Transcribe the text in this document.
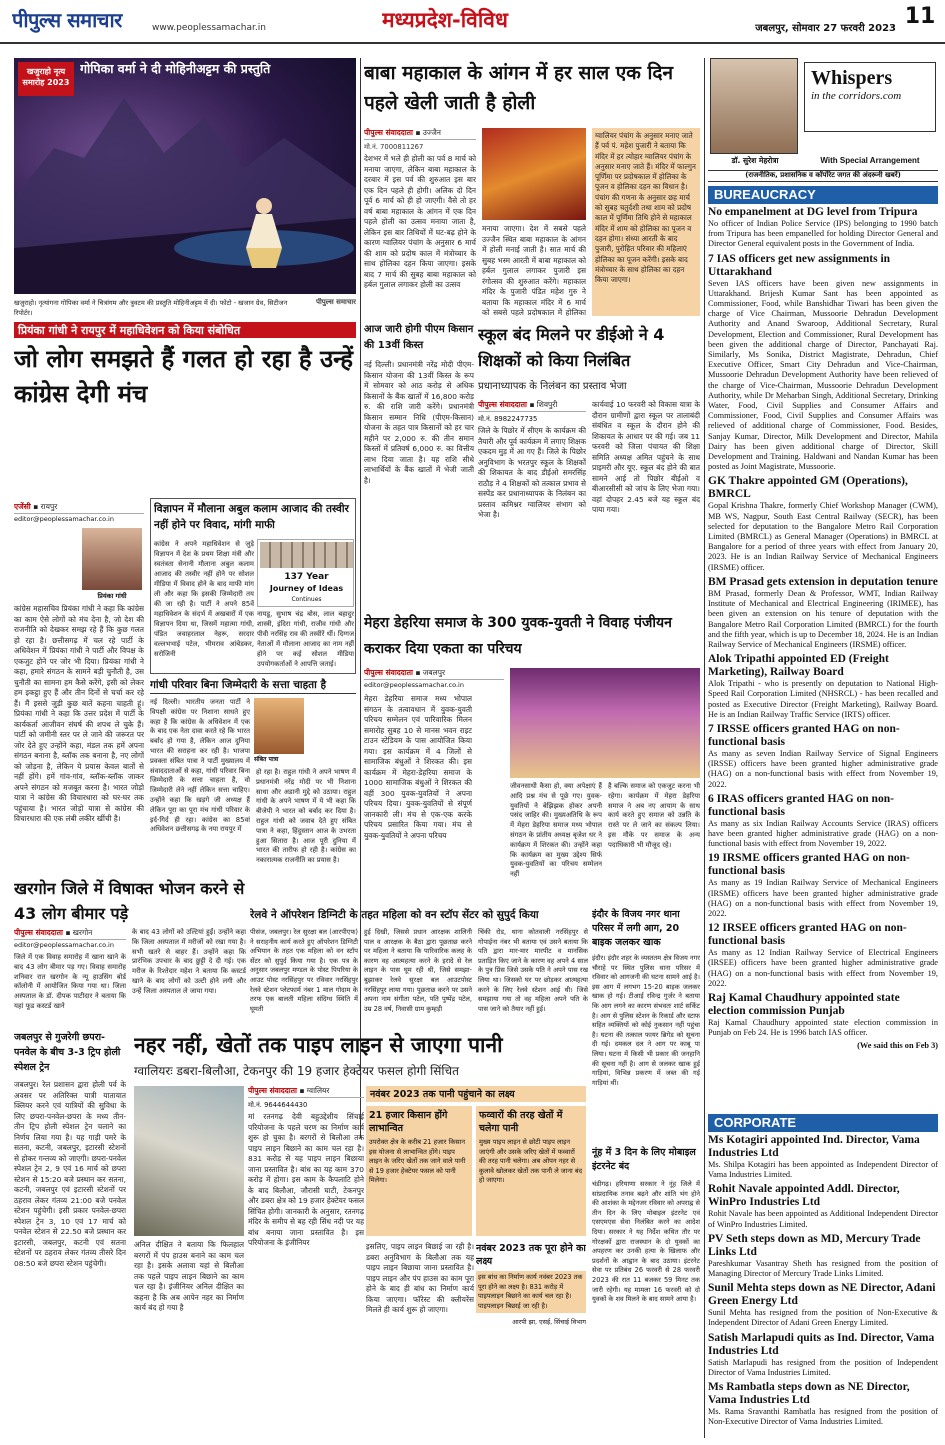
पीपुल्स समाचार	www.peoplessamachar.in	मध्यप्रदेश-विविध	जबलपुर, सोमवार 27 फरवरी 2023 11
खजुराहो नृत्य समारोह 2023
गोपिका वर्मा ने दी मोहिनीअट्टम की प्रस्तुति
खजुराहो। नृत्यांगना गोपिका वर्मा ने चित्रांगम और त्रुवटम की प्रस्तुति मोहिनीअट्टम में दी। फोटो - खजान ग्रेव, सिटीजन रिपोर्टर।
पीपुल्स समाचार
बाबा महाकाल के आंगन में हर साल एक दिन पहले खेली जाती है होली
पीपुल्स संवाददाता ▪ उज्जैन
मो.नं. 7000811267
देशभर में भले ही होली का पर्व 8 मार्च को मनाया जाएगा, लेकिन बाबा महाकाल के दरबार में इस पर्व की शुरुआत इस बार एक दिन पहले ही होगी। अलिक दो दिन पूर्व 6 मार्च को ही हो जाएगी। वैसे तो हर वर्ष बाबा महाकाल के आंगन में एक दिन पहले होली का उत्सव मनाया जाता है, लेकिन इस बार तिथियों में घट-बढ़ होने के कारण ग्वालियर पंचांग के अनुसार 6 मार्च की शाम को प्रदोष काल में मंत्रोच्चार के साथ होलिका दहन किया जाएगा। इसके बाद 7 मार्च की सुबह बाबा महाकाल को हर्बल गुलाल लगाकर होली का उत्सव
मनाया जाएगा। देश में सबसे पहले उज्जैन स्थित बाबा महाकाल के आंगन में होली मनाई जाती है। सात मार्च की सुबह भस्म आरती में बाबा महाकाल को हर्बल गुलाल लगाकर पुजारी इस रंगोत्सव की शुरुआत करेंगे। महाकाल मंदिर के पुजारी पंडित महेश गुरु ने बताया कि महाकाल मंदिर में 6 मार्च को सबसे पहले प्रदोषकाल में होलिका
ग्वालियर पंचांग के अनुसार मनाए जाते हैं पर्व पं. महेश पुजारी ने बताया कि मंदिर में हर त्योहार ग्वालियर पंचांग के अनुसार मनाए जाते हैं। मंदिर में फाल्गुन पूर्णिमा पर प्रदोषकाल में होलिका के पूजन व होलिका दहन का विधान है। पंचांग की गणना के अनुसार छह मार्च को सुबह चतुर्दशी तथा शाम को प्रदोष काल में पूर्णिमा तिथि होने से महाकाल मंदिर में शाम को होलिका का पूजन व दहन होगा। संध्या आरती के बाद पुजारी, पुरोहित परिवार की महिलाएं होलिका का पूजन करेंगी। इसके बाद मंत्रोच्चार के साथ होलिका का दहन किया जाएगा।
प्रियंका गांधी ने रायपुर में महाधिवेशन को किया संबोधित
जो लोग समझते हैं गलत हो रहा है उन्हें कांग्रेस देगी मंच
एजेंसी ▪ रायपुर
editor@peoplessamachar.co.in
प्रियंका गांधी
कांग्रेस महासचिव प्रियंका गांधी ने कहा कि कांग्रेस का काम ऐसे लोगों को मंच देना है, जो देश की राजनीति को देखकर समझ रहे हैं कि कुछ गलत हो रहा है। छत्तीसगढ़ में चल रहे पार्टी के अधिवेशन में प्रियंका गांधी ने पार्टी और विपक्ष के एकजुट होने पर जोर भी दिया। प्रियंका गांधी ने कहा, हमारे संगठन के सामने बड़ी चुनौती है, उस चुनौती का सामना हम कैसे करेंगे, इसी को लेकर हम इकट्ठा हुए हैं और तीन दिनों से चर्चा कर रहे हैं। मैं इससे जुड़ी कुछ बातें कहना चाहती हूं। प्रियंका गांधी ने कहा कि उत्तर प्रदेश में पार्टी के कार्यकर्ता आजीवन संघर्ष की शपथ ले चुके हैं। पार्टी को जमीनी स्तर पर ले जाने की जरूरत पर जोर देते हुए उन्होंने कहा, मंडल तक हमें अपना संगठन बनाना है, ब्लॉक तक बनाना है, नए लोगों को जोड़ना है, लेकिन ये प्रयास केवल बातों से नहीं होंगे। हमें गांव-गांव, ब्लॉक-ब्लॉक जाकर अपने संगठन को मजबूत करना है। भारत जोड़ो यात्रा ने कांग्रेस की विचारधारा को घर-घर तक पहुंचाया है। भारत जोड़ो यात्रा से कांग्रेस की विचारधारा की एक लंबी लकीर खींची है।
विज्ञापन में मौलाना अबुल कलाम आजाद की तस्वीर नहीं होने पर विवाद, मांगी माफी
कांग्रेस ने अपने महाधिवेशन से जुड़े विज्ञापन में देश के प्रथम शिक्षा मंत्री और स्वतंत्रता सेनानी मौलाना अबुल कलाम आजाद की तस्वीर नहीं होने पर सोशल मीडिया में विवाद होने के बाद माफी मांग ली और कहा कि इसकी जिम्मेदारी तय की जा रही है। पार्टी ने अपने 85वें महाधिवेशन के संदर्भ में अखबारों में एक विज्ञापन दिया था, जिसमें महात्मा गांधी, पंडित जवाहरलाल नेहरू, सरदार वल्लभभाई पटेल, भीमराव आंबेडकर, सरोजिनी
137 Year
Journey of Ideas
Continues
नायडू, सुभाष चंद्र बोस, लाल बहादुर शास्त्री, इंदिरा गांधी, राजीव गांधी और पीवी नरसिंह राव की तस्वीरें थीं। दिग्गज नेताओं में मौलाना आजाद का नाम नहीं होने पर कई सोशल मीडिया उपयोगकर्ताओं ने आपत्ति जताई।
गांधी परिवार बिना जिम्मेदारी के सत्ता चाहता है
नई दिल्ली। भारतीय जनता पार्टी ने विपक्षी कांग्रेस पर निशाना साधते हुए कहा है कि कांग्रेस के अधिवेशन में एक के बाद एक नेता दावा करते रहे कि भारत बर्बाद हो गया है, लेकिन आज दुनिया भारत की सराहना कर रही है। भाजपा प्रवक्ता संबित पात्रा ने पार्टी मुख्यालय में संवाददाताओं से कहा, गांधी परिवार बिना जिम्मेदारी के सत्ता चाहता है, वो जिम्मेदारी लेने नहीं लेकिन सत्ता चाहिए। उन्होंने कहा कि खड़गे जी अध्यक्ष हैं लेकिन पूरा का पूरा मंच गांधी परिवार के इर्द-गिर्द ही रहा। कांग्रेस का 85वां अधिवेशन छत्तीसगढ़ के नया रायपुर में
संबित पात्रा
हो रहा है। राहुल गांधी ने अपने भाषण में प्रधानमंत्री नरेंद्र मोदी पर भी निशाना साधा और अडानी मुद्दे को उठाया। राहुल गांधी के अपने भाषण में ये भी कहा कि बीजेपी ने भारत को बर्बाद कर दिया है। राहुल गांधी को जवाब देते हुए संबित पात्रा ने कहा, हिंदुस्तान आज के उभरता हुआ सितारा है। आज पूरी दुनिया में भारत की तारीफ हो रही है। कांग्रेस का नकारात्मक राजनीति का प्रयास है।
आज जारी होगी पीएम किसान की 13वीं किस्त
नई दिल्ली। प्रधानमंत्री नरेंद्र मोदी पीएम-किसान योजना की 13वीं किस्त के रूप में सोमवार को आठ करोड़ से अधिक किसानों के बैंक खातों में 16,800 करोड़ रु. की राशि जारी करेंगे। प्रधानमंत्री किसान सम्मान निधि (पीएम-किसान) योजना के तहत पात्र किसानों को हर चार महीने पर 2,000 रु. की तीन समान किस्तों में प्रतिवर्ष 6,000 रु. का वित्तीय लाभ दिया जाता है। यह राशि सीधे लाभार्थियों के बैंक खातों में भेजी जाती है।
स्कूल बंद मिलने पर डीईओ ने 4 शिक्षकों को किया निलंबित
प्रधानाध्यापक के निलंबन का प्रस्ताव भेजा
पीपुल्स संवाददाता ▪ शिवपुरी
मो.नं. 8982247735
जिले के पिछोर में सीएम के कार्यक्रम की तैयारी और पूर्व कार्यक्रम में लगाए शिक्षक एकदम मुड़ में आ गए हैं। जिले के पिछोर अनुविभाग के भरतपुर स्कूल के शिक्षकों की शिकायत के बाद डीईओ समरसिंह राठौड़ ने 4 शिक्षकों को तत्काल प्रभाव से सस्पेंड कर प्रधानाध्यापक के निलंबन का प्रस्ताव कमिश्नर ग्वालियर संभाग को भेजा है।
कार्यवाई 10 फरवरी को विकास यात्रा के दौरान ग्रामीणों द्वारा स्कूल पर तालाबंदी संबंधित व स्कूल के दौरान होने की शिकायत के आधार पर की गई। जब 11 फरवरी को जिला पंचायत की शिक्षा समिति अध्यक्ष अमित पहुंचने के साथ प्राइमरी और यूए. स्कूल बंद होने की बात सामने आई तो पिछोर बीईओ व बीआरसीसी को जांच के लिए भेजा गया। वहां दोपहर 2.45 बजे यह स्कूल बंद पाया गया।
मेहरा डेहरिया समाज के 300 युवक-युवती ने विवाह पंजीयन कराकर दिया एकता का परिचय
पीपुल्स संवाददाता ▪ जबलपुर
editor@peoplessamachar.co.in
मेहरा डेहरिया समाज मध्य भोपाल संगठन के तत्वावधान में युवक-युवती परिचय सम्मेलन एवं पारिवारिक मिलन समारोह सुबह 10 से मानस भवन राइट टाउन स्टेडियम के पास आयोजित किया गया। इस कार्यक्रम में 4 जिलों से सामाजिक बंधुओं ने शिरकत की। इस कार्यक्रम में मेहरा-डेहरिया समाज के 1000 सामाजिक बंधुओं ने शिरकत की वहीं 300 युवक-युवतियों ने अपना परिचय दिया। युवक-युवतियों से संपूर्ण जानकारी ली। मंच से एक-एक करके परिचय प्रसारित किया गया। मंच से युवक-युवतियों ने अपना परिचय
जीवनसाथी कैसा हो, क्या अपेक्षाएं हैं आदि प्रश्न मंच से पूछे गए। युवक-युवतियों ने बेझिझक होकर अपनी पसंद जाहिर की। मुख्यअतिथि के रूप में मेहरा डेहरिया समाज मध्य भोपाल संगठन के प्रांतीय अध्यक्ष बृजेश धर ने कार्यक्रम में शिरकत की। उन्होंने कहा कि कार्यक्रम का मुख्य उद्देश्य सिर्फ युवक-युवतियों का परिचय सम्मेलन नहीं
है बल्कि समाज को एकजुट करना भी रहेगा। कार्यक्रम में मेहरा डेहरिया समाज ने अब नए आयाम के साथ कार्य करते हुए समाज को उन्नति के रास्ते पर ले जाने का संकल्प लिया। इस मौके पर समाज के अन्य पदाधिकारी भी मौजूद रहे।
खरगोन जिले में विषाक्त भोजन करने से 43 लोग बीमार पड़े
पीपुल्स संवाददाता ▪ खरगोन
editor@peoplessamachar.co.in
जिले में एक विवाह समारोह में खाना खाने के बाद 43 लोग बीमार पड़ गए। विवाह समारोह शनिवार रात खरगोन के न्यू हाउसिंग बोर्ड कॉलोनी में आयोजित किया गया था। जिला अस्पताल के डॉ. दीपक पाटीदार ने बताया कि यहां फूड कस्टर्ड खाने
के बाद 43 लोगों को उल्टियां हुईं। उन्होंने कहा कि जिला अस्पताल में मरीजों को रखा गया है। सभी खतरे से बाहर हैं। उन्होंने कहा कि प्रारंभिक उपचार के बाद छुट्टी दे दी गई। एक मरीज के रिश्तेदार महेश ने बताया कि कस्टर्ड खाने के बाद लोगों को उल्टी होने लगी और उन्हें जिला अस्पताल ले जाया गया।
रेलवे ने ऑपरेशन डिग्निटी के तहत महिला को वन स्टॉप सेंटर को सुपुर्द किया
पीसंज, जबलपुर। रेल सुरक्षा बल (आरपीएफ) ने सराहनीय कार्य करते हुए ऑपरेशन डिग्निटी अभियान के तहत एक महिला को वन स्टॉप सेंटर को सुपुर्द किया गया है। एक पत्र के अनुसार जबलपुर मण्डल के पोस्ट पिपरिया के आउट पोस्ट नरसिंहपुर पर रविवार नरसिंहपुर रेलवे स्टेशन प्लेटफार्म नंबर 1 माल गोदाम के तरफ एक बालती महिला संदिग्ध स्थिति में घूमती
हुई दिखी, जिससे प्रधान आरक्षक शालिनी पाल व आरक्षक के बैठा द्वारा पूछताछ करने पर महिला ने बताया कि पारिवारिक कलह के कारण वह आत्महत्या करने के इरादे से रेल लाइन के पास घूम रही थी, जिसे समझा-बुझाकर रेलवे सुरक्षा बल आउटपोस्ट नरसिंहपुर लाया गया। पूछताछ करने पर उसने अपना नाम संगीता पटेल, पति पुष्पेंद्र पटेल, उम्र 28 वर्ष, निवासी ग्राम कुम्हड़ी
चिंकी रोड, थाना कोतवाली नरसिंहपुर से गोपाईना नंबर भी बताया एवं उसने बताया कि पति द्वारा मार-मार मारपीट व मानसिक प्रताड़ित किए जाने के कारण वह अपने 4 साल के पुत्र प्रिंस जिसे उसके पति ने अपने पास रख लिया था। जिसको घर पर छोड़कर आत्महत्या करने के लिए रेलवे स्टेशन आई थी। जिसे समझाया गया तो वह महिला अपने पति के पास जाने को तैयार नहीं हुई।
इंदौर के विजय नगर थाना परिसर में लगी आग, 20 बाइक जलकर खाक
इंदौर। इंदौर शहर के व्यस्ततम क्षेत्र विजय नगर चौराहे पर स्थित पुलिस थाना परिसर में रविवार को आगजनी की घटना सामने आई है। इस आग में लगभग 15-20 बाइक जलकर खाक हो गई। टीआई रविन्द्र गुर्जर ने बताया कि आग लगने का कारण संभवतः शार्ट सर्किट है। आग से पुलिस स्टेशन के रिकार्ड और स्टाफ सहित व्यक्तियों को कोई नुकसान नहीं पहुंचा है। घटना की तत्काल फायर ब्रिगेड को सूचना दी गई। दमकल दल ने आग पर काबू पा लिया। घटना में किसी भी प्रकार की जनहानि की सूचना नहीं है। आग से जलकर खाक हुई गाड़ियां, विभिन्न प्रकरण में जब्त की गई गाड़ियां थीं।
जबलपुर से गुजरेगी छपरा-पनवेल के बीच 3-3 ट्रिप होली स्पेशल ट्रेन
जबलपुर। रेल प्रशासन द्वारा होली पर्व के अवसर पर अतिरिक्त यात्री यातायात क्लियर करने एवं यात्रियों की सुविधा के लिए छपरा-पनवेल-छपरा के मध्य तीन-तीन ट्रिप होली स्पेशल ट्रेन चलाने का निर्णय लिया गया है। यह गाड़ी पमरे के सतना, कटनी, जबलपुर, इटारसी स्टेशनों से होकर गन्तव्य को जाएगी। छपरा-पनवेल स्पेशल ट्रेन 2, 9 एवं 16 मार्च को छपरा स्टेशन से 15:20 बजे प्रस्थान कर सतना, कटनी, जबलपुर एवं इटारसी स्टेशनों पर ठहराव लेकर गंतव्य 21:00 बजे पनवेल स्टेशन पहुंचेगी। इसी प्रकार पनवेल-छपरा स्पेशल ट्रेन 3, 10 एवं 17 मार्च को पनवेल स्टेशन से 22.50 बजे प्रस्थान कर इटारसी, जबलपुर, कटनी एवं सतना स्टेशनों पर ठहराव लेकर गंतव्य तीसरे दिन 08:50 बजे छपरा स्टेशन पहुंचेगी।
नहर नहीं, खेतों तक पाइप लाइन से जाएगा पानी
ग्वालियरः डबरा-बिलौआ, टेकनपुर की 19 हजार हेक्टेयर फसल होगी सिंचित
नवंबर 2023 तक पानी पहुंचाने का लक्ष्य
पीपुल्स संवाददाता ▪ ग्वालियर
मो.नं. 9644644430
मां रतनगढ़ देवी बहुउद्देशीय सिंचाई परियोजना के पहले चरण का निर्माण कार्य शुरू हो चुका है। बरगरों से बिलौआ तक पाइप लाइन बिछाने का काम चल रहा है। 831 करोड़ से यह पाइप लाइन बिछाया जाना प्रस्तावित है। बांध का यह काम 370 करोड़ में होगा। इस काम के कैपलाटि होने के बाद बिलौआ, जौरासी घाटी, टेकनपुर और डबरा क्षेत्र को 19 हजार हेक्टेयर फसल सिंचित होगी। जानकारी के अनुसार, रतनगढ़ मंदिर के समीप से बह रही सिंध नदी पर यह बांध बनाया जाना प्रस्तावित है। इस परियोजना के इंजीनियर
अनिल दीक्षित ने बताया कि फिलहाल बरगरों में पंप हाउस बनाने का काम चल रहा है। इसके अलावा यहां से बिलौआ तक पहले पाइप लाइन बिछाने का काम चल रहा है। इंजीनियर अनिल दीक्षित का कहना है कि अब आपेन नहर का निर्माण कार्य बंद हो गया है
21 हजार किसान होंगे लाभान्वित
उपरोक्त क्षेत्र के करीब 21 हजार किसान इस योजना से लाभान्वित होंगे। पाइप लाइन के जरिए खेतों तक जाने वाले पानी से 19 हजार हेक्टेयर फसल को पानी मिलेगा।
फव्वारों की तरह खेतों में चलेगा पानी
मुख्य पाइप लाइन से छोटी पाइप लाइन जाएंगी और उसके जरिए खेतों में फव्वारों की तरह पानी चलेगा। अब ओपन नहर से कुलावे खोलकर खेतों तक पानी ले जाना बंद हो जाएगा।
इसलिए, पाइप लाइन बिछाई जा रही है। डबरा अनुविभाग के बिलौआ तक यह पाइप लाइन बिछाया जाना प्रस्तावित है। पाइप लाइन और पंप हाउस का काम पूरा होने के बाद ही बांध का निर्माण कार्य किया जाएगा। फॉरेस्ट की क्लीयरेंस मिलते ही कार्य शुरू हो जाएगा।
नवंबर 2023 तक पूरा होने का लक्ष्य
इस बांध का निर्माण कार्य नवंबर 2023 तक पूरा होने का लक्ष्य है। 831 करोड़ में पाइपलाइन बिछाने का कार्य चल रहा है। पाइपलाइन बिछाई जा रही है।
आरपी झा, एसई, सिंचाई विभाग
नूंह में 3 दिन के लिए मोबाइल इंटरनेट बंद
चंडीगढ़। हरियाणा सरकार ने नूंह जिले में सांप्रदायिक तनाव बढ़ने और शांति भंग होने की आशंका के मद्देनजर रविवार को अपराह्न से तीन दिन के लिए मोबाइल इंटरनेट एवं एसएमएस सेवा निलंबित करने का आदेश दिया। सरकार ने यह निर्देश कथित तौर पर गोरक्षकों द्वारा राजस्थान के दो युवकों का अपहरण कर उनकी हत्या के खिलाफ और प्रदर्शनों के आह्वान के बाद उठाया। इंटरनेट सेवा पर प्रतिबंध 26 फरवरी से 28 फरवरी 2023 की रात 11 बजकर 59 मिनट तक जारी रहेगी। यह मामला 16 फरवरी को दो युवकों के शव मिलने के बाद सामने आया है।
Whispers
in the corridors.com
डॉ. सुरेश मेहरोत्रा	With Special Arrangement
(राजनीतिक, प्रशासनिक व कॉर्पोरेट जगत की अंदरूनी खबरें)
BUREAUCRACY
No empanelment at DG level from Tripura
No officer of Indian Police Service (IPS) belonging to 1990 batch from Tripura has been empanelled for holding Director General and Director General equivalent posts in the Government of India.
7 IAS officers get new assignments in Uttarakhand
Seven IAS officers have been given new assignments in Uttarakhand. Brijesh Kumar Sant has been appointed as Commissioner, Food, while Banshidhar Tiwari has been given the charge of Vice Chairman, Mussoorie Dehradun Development Authority and Anand Swaroop, Additional Secretary, Rural Development, Election and Commissioner, Rural Development has been given the additional charge of Director, Panchayati Raj. Similarly, Ms Sonika, District Magistrate, Dehradun, Chief Executive Officer, Smart City Dehradun and Vice-Chairman, Mussoorie Dehradun Development Authority have been relieved of the charge of Vice-Chairman, Mussoorie Dehradun Development Authority, while Dr Meharban Singh, Additional Secretary, Drinking Water, Food, Civil Supplies and Consumer Affairs and Commissioner, Food, Civil Supplies and Consumer Affairs was relieved of additional charge of Commissioner, Food. Besides, Sanjay Kumar, Director, Milk Development and Director, Mahila Dairy has been given additional charge of Director, Skill Development and Training. Haldwani and Nandan Kumar has been posted as Joint Magistrate, Mussoorie.
GK Thakre appointed GM (Operations), BMRCL
Gopal Krishna Thakre, formerly Chief Workshop Manager (CWM), MB WS, Nagpur, South East Central Railway (SECR), has been selected for deputation to the Bangalore Metro Rail Corporation Limited (BMRCL) as General Manager (Operations) in BMRCL at Bangalore for a period of three years with effect from January 20, 2023. He is an Indian Railway Service of Mechanical Engineers (IRSME) officer.
BM Prasad gets extension in deputation tenure
BM Prasad, formerly Dean & Professor, WMT, Indian Railway Institute of Mechanical and Electrical Engineering (IRIMEE), has been given an extension on his tenure of deputation with the Bangalore Metro Rail Corporation Limited (BMRCL) for the fourth and the fifth year, which is up to December 18, 2024. He is an Indian Railway Service of Mechanical Engineers (IRSME) officer.
Alok Tripathi appointed ED (Freight Marketing), Railway Board
Alok Tripathi - who is presently on deputation to National High-Speed Rail Corporation Limited (NHSRCL) - has been recalled and posted as Executive Director (Freight Marketing), Railway Board. He is an Indian Railway Traffic Service (IRTS) officer.
7 IRSSE officers granted HAG on non-functional basis
As many as seven Indian Railway Service of Signal Engineers (IRSSE) officers have been granted higher administrative grade (HAG) on a non-functional basis with effect from November 19, 2022.
6 IRAS officers granted HAG on non-functional basis
As many as six Indian Railway Accounts Service (IRAS) officers have been granted higher administrative grade (HAG) on a non-functional basis with effect from November 19, 2022.
19 IRSME officers granted HAG on non-functional basis
As many as 19 Indian Railway Service of Mechanical Engineers (IRSME) officers have been granted higher administrative grade (HAG) on a non-functional basis with effect from November 19, 2022.
12 IRSEE officers granted HAG on non-functional basis
As many as 12 Indian Railway Service of Electrical Engineers (IRSEE) officers have been granted higher administrative grade (HAG) on a non-functional basis with effect from November 19, 2022.
Raj Kamal Chaudhury appointed state election commission Punjab
Raj Kamal Chaudhury appointed state election commission in Punjab on Feb 24. He is 1996 batch IAS officer.
(We said this on Feb 3)
CORPORATE
Ms Kotagiri appointed Ind. Director, Vama Industries Ltd
Ms. Shilpa Kotagiri has been appointed as Independent Director of Vama Industries Limited.
Rohit Navale appointed Addl. Director, WinPro Industries Ltd
Rohit Navale has been appointed as Additional Independent Director of WinPro Industries Limited.
PV Seth steps down as MD, Mercury Trade Links Ltd
Pareshkumar Vasantray Sheth has resigned from the position of Managing Director of Mercury Trade Links Limited.
Sunil Mehta steps down as NE Director, Adani Green Energy Ltd
Sunil Mehta has resigned from the position of Non-Executive & Independent Director of Adani Green Energy Limited.
Satish Marlapudi quits as Ind. Director, Vama Industries Ltd
Satish Marlapudi has resigned from the position of Independent Director of Vama Industries Limited.
Ms Rambatla steps down as NE Director, Vama Industries Ltd
Ms. Rama Sravanthi Rambatla has resigned from the position of Non-Executive Director of Vama Industries Limited.
